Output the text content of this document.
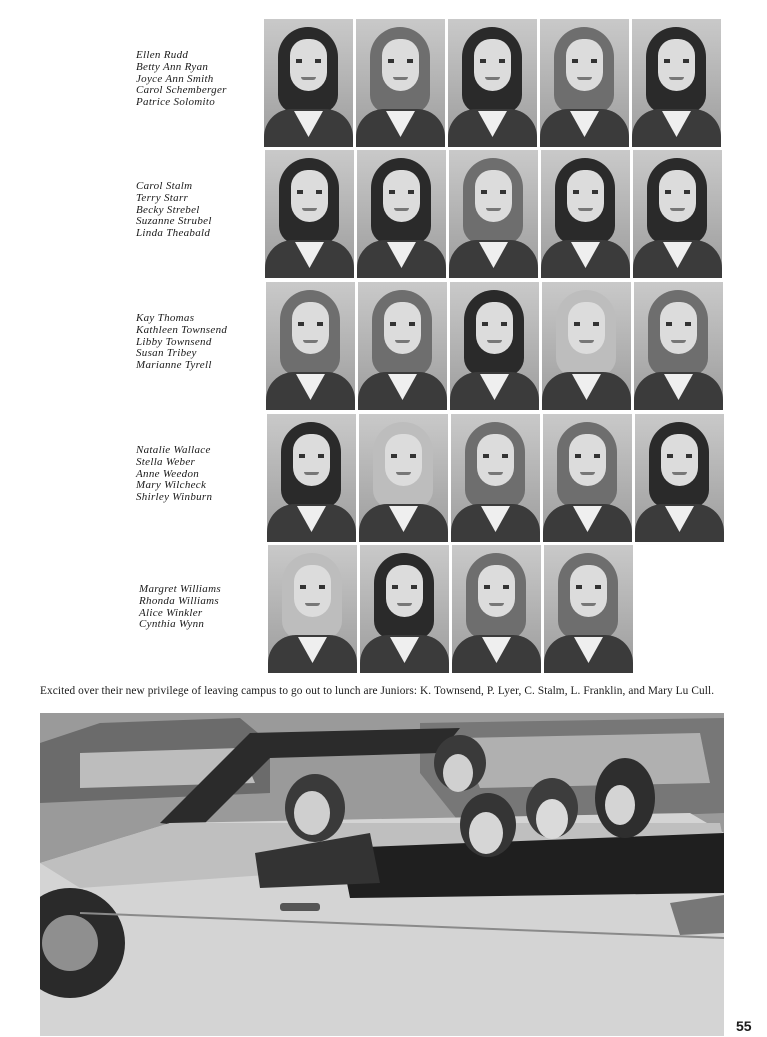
Ellen Rudd
Betty Ann Ryan
Joyce Ann Smith
Carol Schemberger
Patrice Solomito
Carol Stalm
Terry Starr
Becky Strebel
Suzanne Strubel
Linda Theabald
Kay Thomas
Kathleen Townsend
Libby Townsend
Susan Tribey
Marianne Tyrell
Natalie Wallace
Stella Weber
Anne Weedon
Mary Wilcheck
Shirley Winburn
Margret Williams
Rhonda Williams
Alice Winkler
Cynthia Wynn
Excited over their new privilege of leaving campus to go out to lunch are Juniors: K. Townsend, P. Lyer, C. Stalm, L. Franklin, and Mary Lu Cull.
55
